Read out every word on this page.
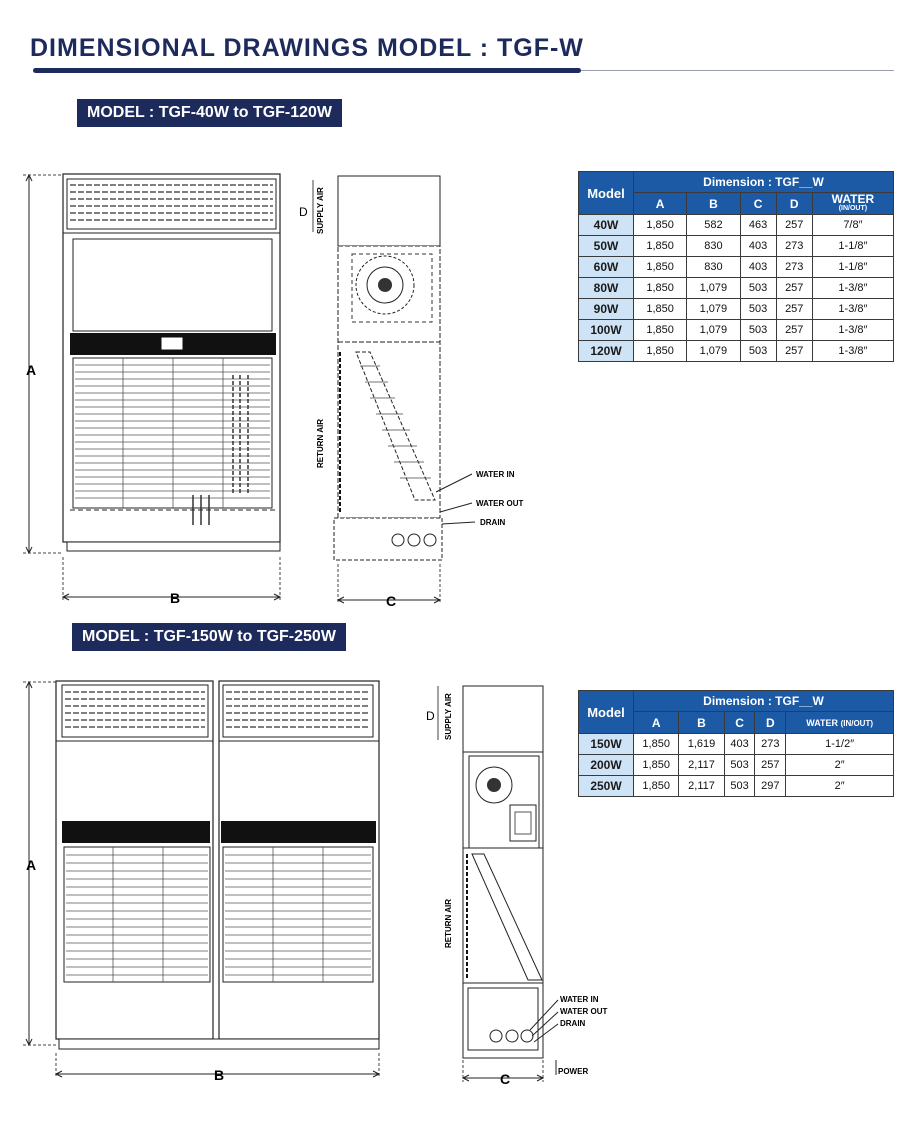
DIMENSIONAL DRAWINGS MODEL : TGF-W
MODEL : TGF-40W to TGF-120W
A
B
D SUPPLY AIR
RETURN AIR
WATER IN
WATER OUT
DRAIN
C
Model	Dimension : TGF__W				
	A	B	C	D	WATER
(IN/OUT)

40W	1,850	582	463	257	7/8″
50W	1,850	830	403	273	1-1/8″
60W	1,850	830	403	273	1-1/8″
80W	1,850	1,079	503	257	1-3/8″
90W	1,850	1,079	503	257	1-3/8″
100W	1,850	1,079	503	257	1-3/8″
120W	1,850	1,079	503	257	1-3/8″
MODEL : TGF-150W to TGF-250W
A
B
D SUPPLY AIR
RETURN AIR
WATER IN
WATER OUT
DRAIN
POWER
C
Model	Dimension : TGF__W				
	A	B	C	D	WATER (IN/OUT)
150W	1,850	1,619	403	273	1-1/2″
200W	1,850	2,117	503	257	2″
250W	1,850	2,117	503	297	2″
